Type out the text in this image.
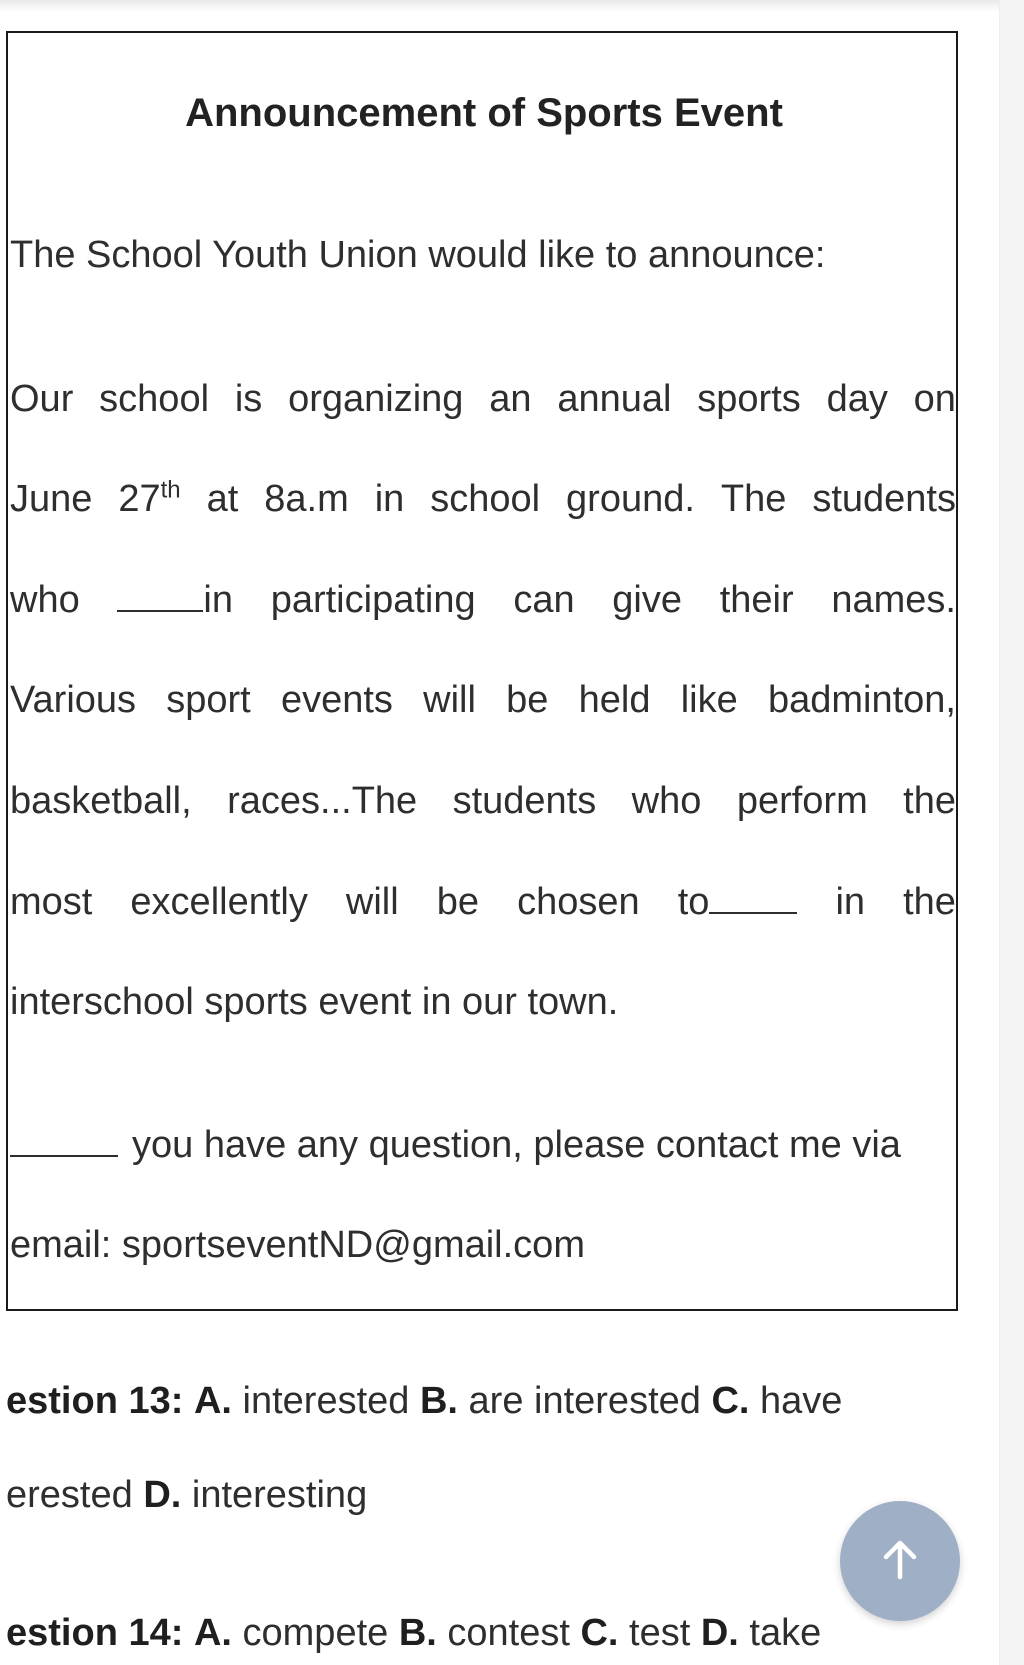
Announcement of Sports Event
The School Youth Union would like to announce:
Our school is organizing an annual sports day on
June 27th at 8a.m in school ground. The students
who	in participating can give their names.
Various sport events will be held like badminton,
basketball, races...The students who perform the
most excellently will be chosen to	in the
interschool sports event in our town.
you have any question, please contact me via
email: sportseventND@gmail.com
estion 13: A. interested B. are interested C. have
erested D. interesting
estion 14: A. compete B. contest C. test D. take
